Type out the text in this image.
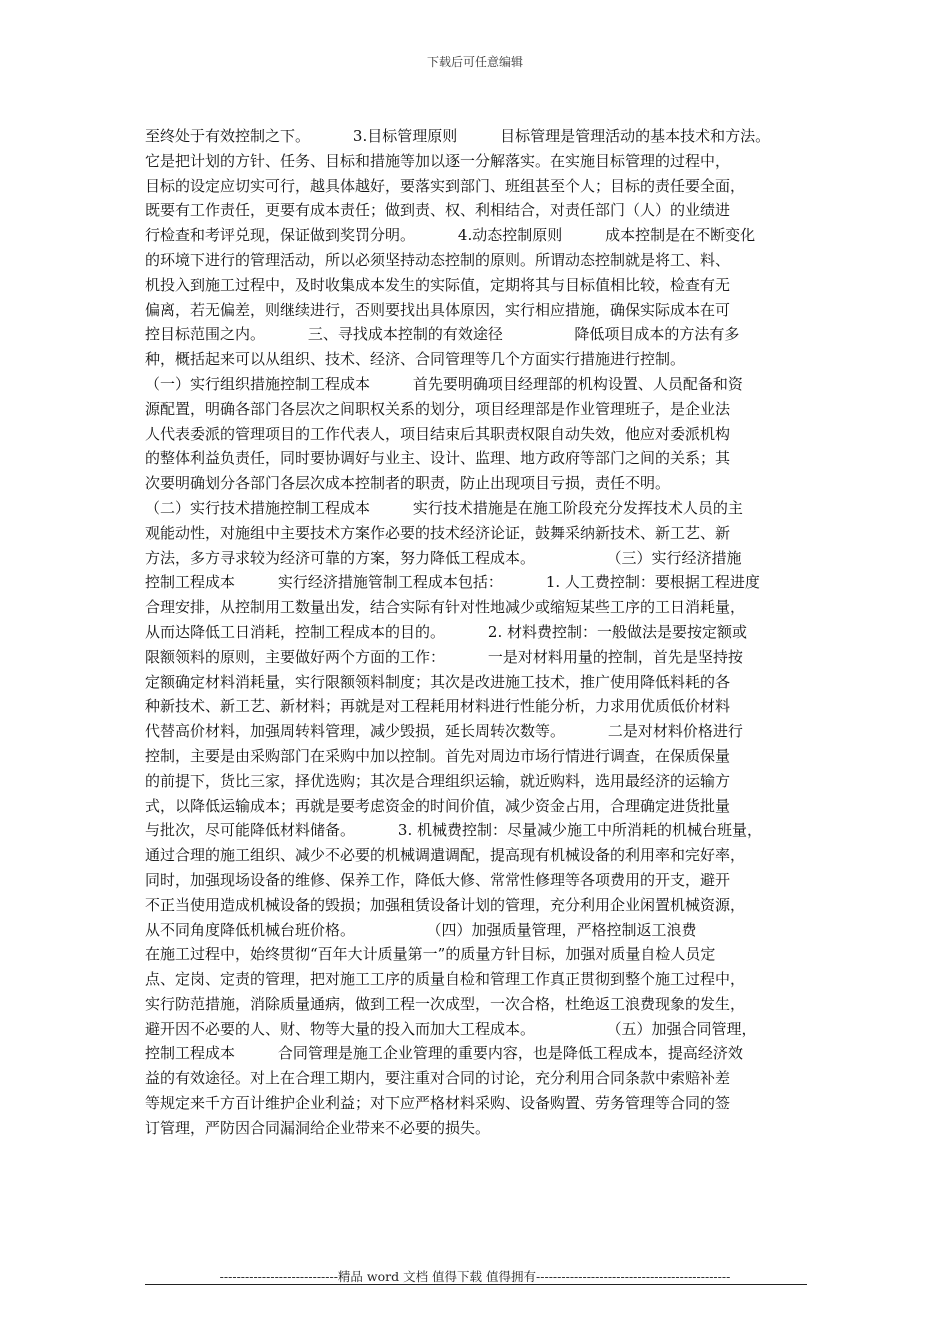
下载后可任意编辑
至终处于有效控制之下。         3.目标管理原则         目标管理是管理活动的基本技术和方法。
它是把计划的方针、任务、目标和措施等加以逐一分解落实。在实施目标管理的过程中，
目标的设定应切实可行，越具体越好，要落实到部门、班组甚至个人；目标的责任要全面，
既要有工作责任，更要有成本责任；做到责、权、利相结合，对责任部门（人）的业绩进
行检查和考评兑现，保证做到奖罚分明。         4.动态控制原则         成本控制是在不断变化
的环境下进行的管理活动，所以必须坚持动态控制的原则。所谓动态控制就是将工、料、
机投入到施工过程中，及时收集成本发生的实际值，定期将其与目标值相比较，检查有无
偏离，若无偏差，则继续进行，否则要找出具体原因，实行相应措施，确保实际成本在可
控目标范围之内。         三、寻找成本控制的有效途径               降低项目成本的方法有多
种，概括起来可以从组织、技术、经济、合同管理等几个方面实行措施进行控制。
（一）实行组织措施控制工程成本         首先要明确项目经理部的机构设置、人员配备和资
源配置，明确各部门各层次之间职权关系的划分，项目经理部是作业管理班子，是企业法
人代表委派的管理项目的工作代表人，项目结束后其职责权限自动失效，他应对委派机构
的整体利益负责任，同时要协调好与业主、设计、监理、地方政府等部门之间的关系；其
次要明确划分各部门各层次成本控制者的职责，防止出现项目亏损，责任不明。
（二）实行技术措施控制工程成本         实行技术措施是在施工阶段充分发挥技术人员的主
观能动性，对施组中主要技术方案作必要的技术经济论证，鼓舞采纳新技术、新工艺、新
方法，多方寻求较为经济可靠的方案，努力降低工程成本。               （三）实行经济措施
控制工程成本         实行经济措施管制工程成本包括：         1. 人工费控制：要根据工程进度
合理安排，从控制用工数量出发，结合实际有针对性地减少或缩短某些工序的工日消耗量，
从而达降低工日消耗，控制工程成本的目的。         2. 材料费控制：一般做法是要按定额或
限额领料的原则，主要做好两个方面的工作：         一是对材料用量的控制，首先是坚持按
定额确定材料消耗量，实行限额领料制度；其次是改进施工技术，推广使用降低料耗的各
种新技术、新工艺、新材料；再就是对工程耗用材料进行性能分析，力求用优质低价材料
代替高价材料，加强周转料管理，减少毁损，延长周转次数等。         二是对材料价格进行
控制，主要是由采购部门在采购中加以控制。首先对周边市场行情进行调查，在保质保量
的前提下，货比三家，择优选购；其次是合理组织运输，就近购料，选用最经济的运输方
式，以降低运输成本；再就是要考虑资金的时间价值，减少资金占用，合理确定进货批量
与批次，尽可能降低材料储备。         3. 机械费控制：尽量减少施工中所消耗的机械台班量，
通过合理的施工组织、减少不必要的机械调遣调配，提高现有机械设备的利用率和完好率，
同时，加强现场设备的维修、保养工作，降低大修、常常性修理等各项费用的开支，避开
不正当使用造成机械设备的毁损；加强租赁设备计划的管理，充分利用企业闲置机械资源，
从不同角度降低机械台班价格。               （四）加强质量管理，严格控制返工浪费
在施工过程中，始终贯彻“百年大计质量第一”的质量方针目标，加强对质量自检人员定
点、定岗、定责的管理，把对施工工序的质量自检和管理工作真正贯彻到整个施工过程中，
实行防范措施，消除质量通病，做到工程一次成型，一次合格，杜绝返工浪费现象的发生，
避开因不必要的人、财、物等大量的投入而加大工程成本。               （五）加强合同管理，
控制工程成本         合同管理是施工企业管理的重要内容，也是降低工程成本，提高经济效
益的有效途径。对上在合理工期内，要注重对合同的讨论，充分利用合同条款中索赔补差
等规定来千方百计维护企业利益；对下应严格材料采购、设备购置、劳务管理等合同的签
订管理，严防因合同漏洞给企业带来不必要的损失。
----------------------------精品 word 文档 值得下载 值得拥有----------------------------------------------
